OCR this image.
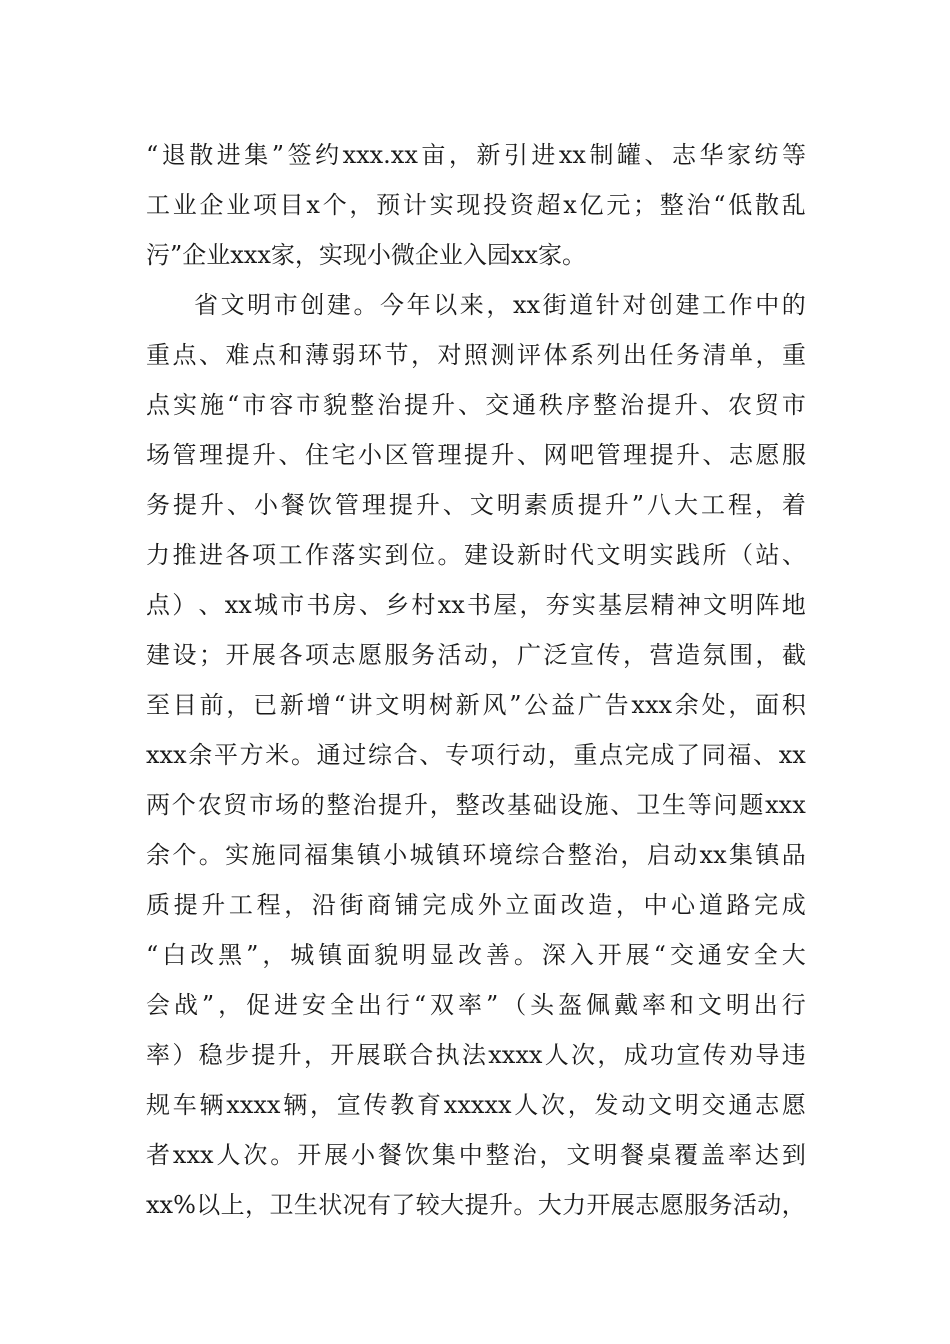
“ 退 散 进 集 ” 签 约 xxx.xx 亩 ， 新 引 进 xx 制 罐 、 志 华 家 纺 等
工 业 企 业 项 目 x 个 ， 预 计 实 现 投 资 超 x 亿 元 ； 整 治 “ 低 散 乱
污”企业xxx家，实现小微企业入园xx家。
省 文 明 市 创 建 。 今 年 以 来 ， xx 街 道 针 对 创 建 工 作 中 的
重 点 、 难 点 和 薄 弱 环 节 ， 对 照 测 评 体 系 列 出 任 务 清 单 ， 重
点 实 施 “ 市 容 市 貌 整 治 提 升 、 交 通 秩 序 整 治 提 升 、 农 贸 市
场 管 理 提 升 、 住 宅 小 区 管 理 提 升 、 网 吧 管 理 提 升 、 志 愿 服
务 提 升 、 小 餐 饮 管 理 提 升 、 文 明 素 质 提 升 ” 八 大 工 程 ， 着
力 推 进 各 项 工 作 落 实 到 位 。 建 设 新 时 代 文 明 实 践 所 （ 站 、
点 ） 、 xx 城 市 书 房 、 乡 村 xx 书 屋 ， 夯 实 基 层 精 神 文 明 阵 地
建 设 ； 开 展 各 项 志 愿 服 务 活 动 ， 广 泛 宣 传 ， 营 造 氛 围 ， 截
至 目 前 ， 已 新 增 “ 讲 文 明 树 新 风 ” 公 益 广 告 xxx 余 处 ， 面 积
xxx 余 平 方 米 。 通 过 综 合 、 专 项 行 动 ， 重 点 完 成 了 同 福 、 xx
两 个 农 贸 市 场 的 整 治 提 升 ， 整 改 基 础 设 施 、 卫 生 等 问 题 xxx
余 个 。 实 施 同 福 集 镇 小 城 镇 环 境 综 合 整 治 ， 启 动 xx 集 镇 品
质 提 升 工 程 ， 沿 街 商 铺 完 成 外 立 面 改 造 ， 中 心 道 路 完 成
“ 白 改 黑 ” ， 城 镇 面 貌 明 显 改 善 。 深 入 开 展 “ 交 通 安 全 大
会 战 ” ， 促 进 安 全 出 行 “ 双 率 ” （ 头 盔 佩 戴 率 和 文 明 出 行
率 ） 稳 步 提 升 ， 开 展 联 合 执 法 xxxx 人 次 ， 成 功 宣 传 劝 导 违
规 车 辆 xxxx 辆 ， 宣 传 教 育 xxxxx 人 次 ， 发 动 文 明 交 通 志 愿
者 xxx 人 次 。 开 展 小 餐 饮 集 中 整 治 ， 文 明 餐 桌 覆 盖 率 达 到
xx% 以 上 ， 卫 生 状 况 有 了 较 大 提 升 。 大 力 开 展 志 愿 服 务 活 动 ，
